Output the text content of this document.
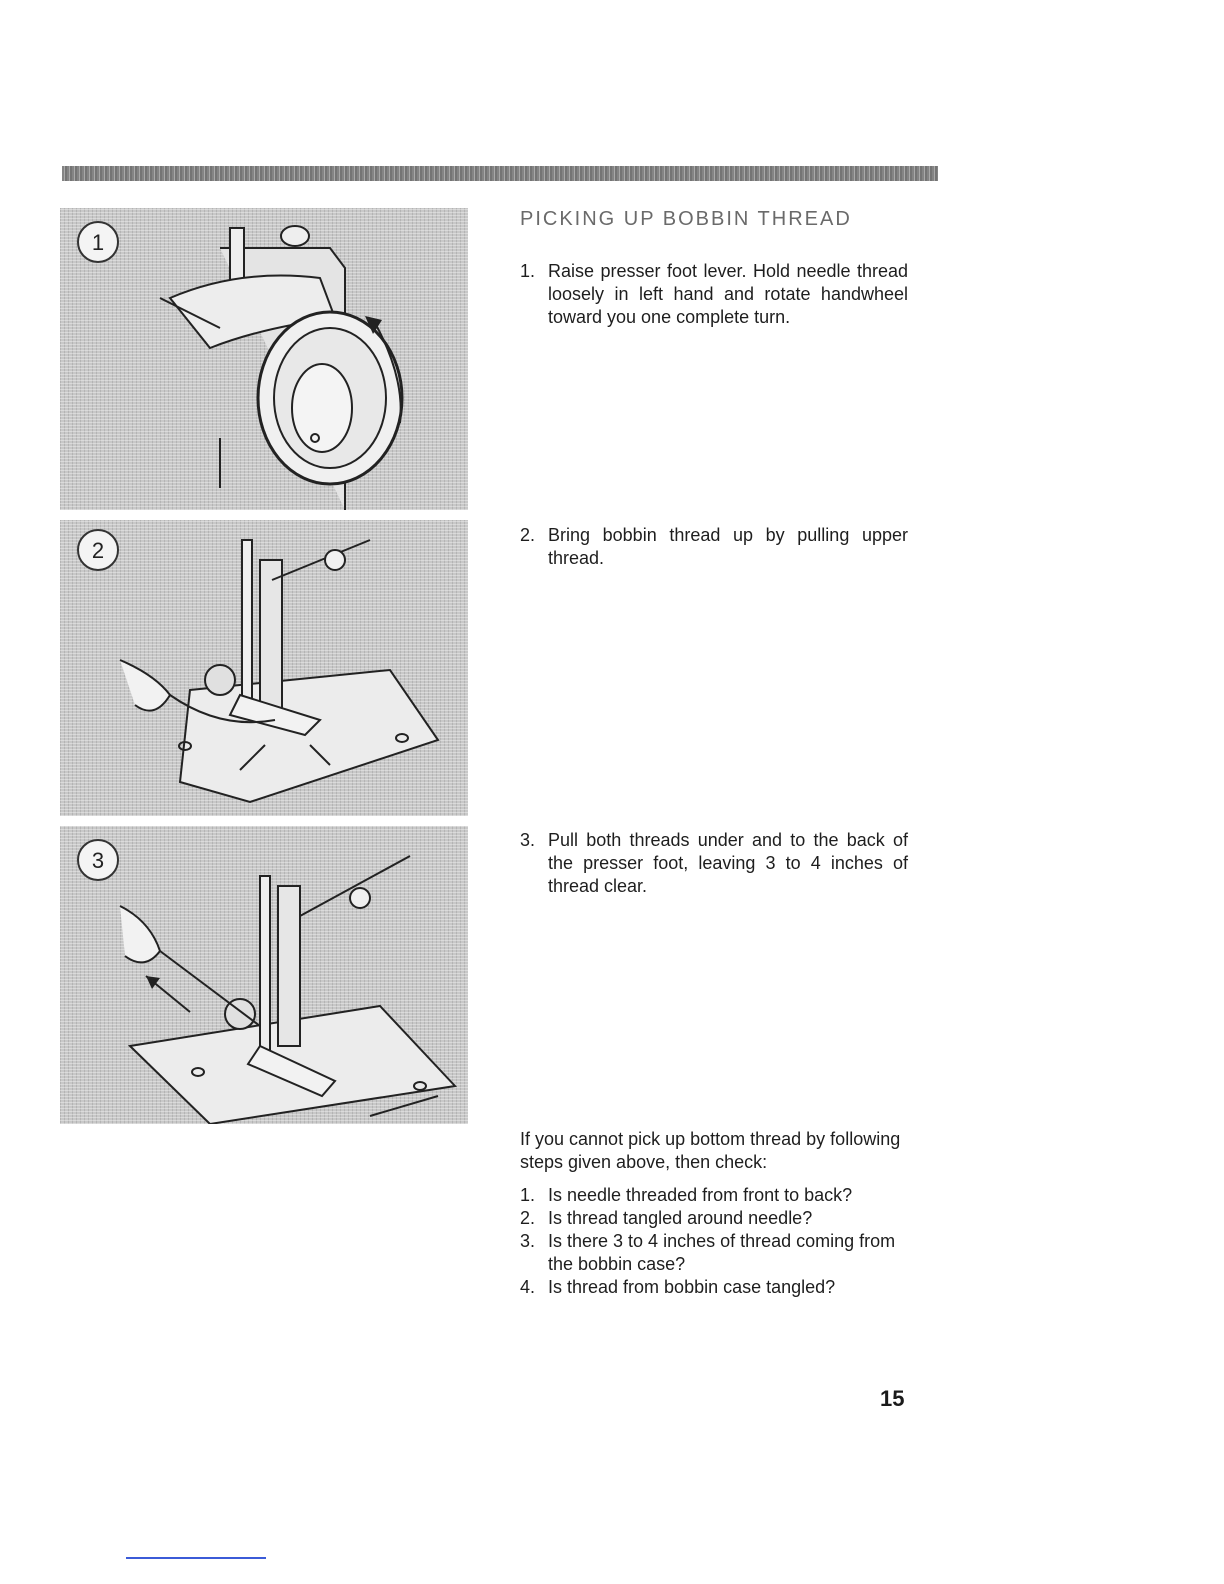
1
2
3
PICKING UP BOBBIN THREAD
1. Raise presser foot lever. Hold needle thread loosely in left hand and rotate handwheel toward you one complete turn.
2. Bring bobbin thread up by pulling upper thread.
3. Pull both threads under and to the back of the presser foot, leaving 3 to 4 inches of thread clear.

If you cannot pick up bottom thread by following steps given above, then check:

1. Is needle threaded from front to back?
2. Is thread tangled around needle?
3. Is there 3 to 4 inches of thread coming from the bobbin case?
4. Is thread from bobbin case tangled?

15
